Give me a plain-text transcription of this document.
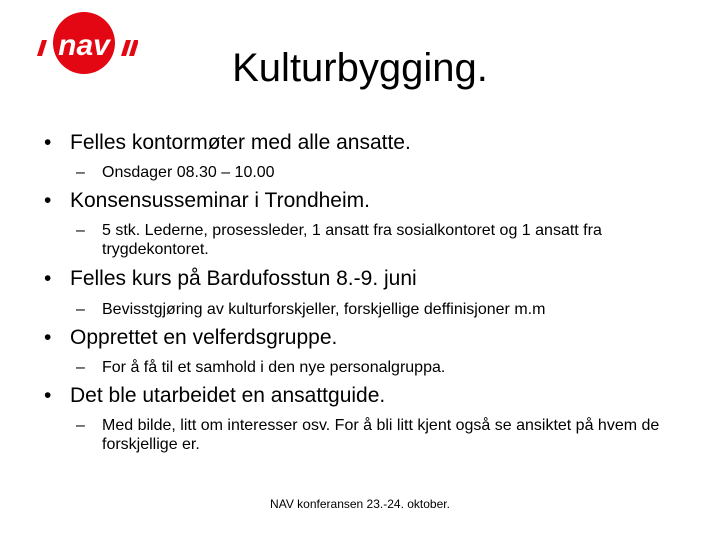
nav
Kulturbygging.
• Felles kontormøter med alle ansatte.
– Onsdager 08.30 – 10.00
• Konsensusseminar i Trondheim.
– 5 stk. Lederne, prosessleder, 1 ansatt fra sosialkontoret og 1 ansatt fra trygdekontoret.
• Felles kurs på Bardufosstun 8.-9. juni
– Bevisstgjøring av kulturforskjeller, forskjellige deffinisjoner m.m
• Opprettet en velferdsgruppe.
– For å få til et samhold i den nye personalgruppa.
• Det ble utarbeidet en ansattguide.
– Med bilde, litt om interesser osv. For å bli litt kjent også se ansiktet på hvem de forskjellige er.
NAV konferansen 23.-24. oktober.
